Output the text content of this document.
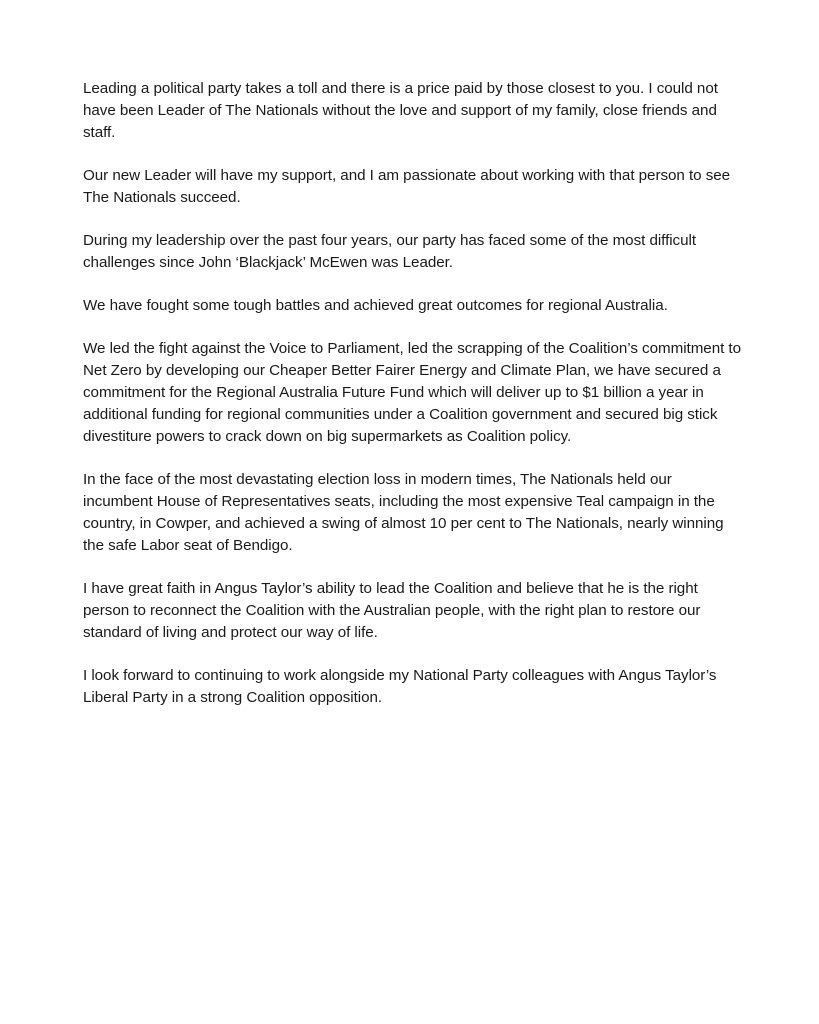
Leading a political party takes a toll and there is a price paid by those closest to you. I could not have been Leader of The Nationals without the love and support of my family, close friends and staff.

Our new Leader will have my support, and I am passionate about working with that person to see The Nationals succeed.

During my leadership over the past four years, our party has faced some of the most difficult challenges since John ‘Blackjack’ McEwen was Leader.

We have fought some tough battles and achieved great outcomes for regional Australia.

We led the fight against the Voice to Parliament, led the scrapping of the Coalition’s commitment to Net Zero by developing our Cheaper Better Fairer Energy and Climate Plan, we have secured a commitment for the Regional Australia Future Fund which will deliver up to $1 billion a year in additional funding for regional communities under a Coalition government and secured big stick divestiture powers to crack down on big supermarkets as Coalition policy.

In the face of the most devastating election loss in modern times, The Nationals held our incumbent House of Representatives seats, including the most expensive Teal campaign in the country, in Cowper, and achieved a swing of almost 10 per cent to The Nationals, nearly winning the safe Labor seat of Bendigo.

I have great faith in Angus Taylor’s ability to lead the Coalition and believe that he is the right person to reconnect the Coalition with the Australian people, with the right plan to restore our standard of living and protect our way of life.

I look forward to continuing to work alongside my National Party colleagues with Angus Taylor’s Liberal Party in a strong Coalition opposition.
